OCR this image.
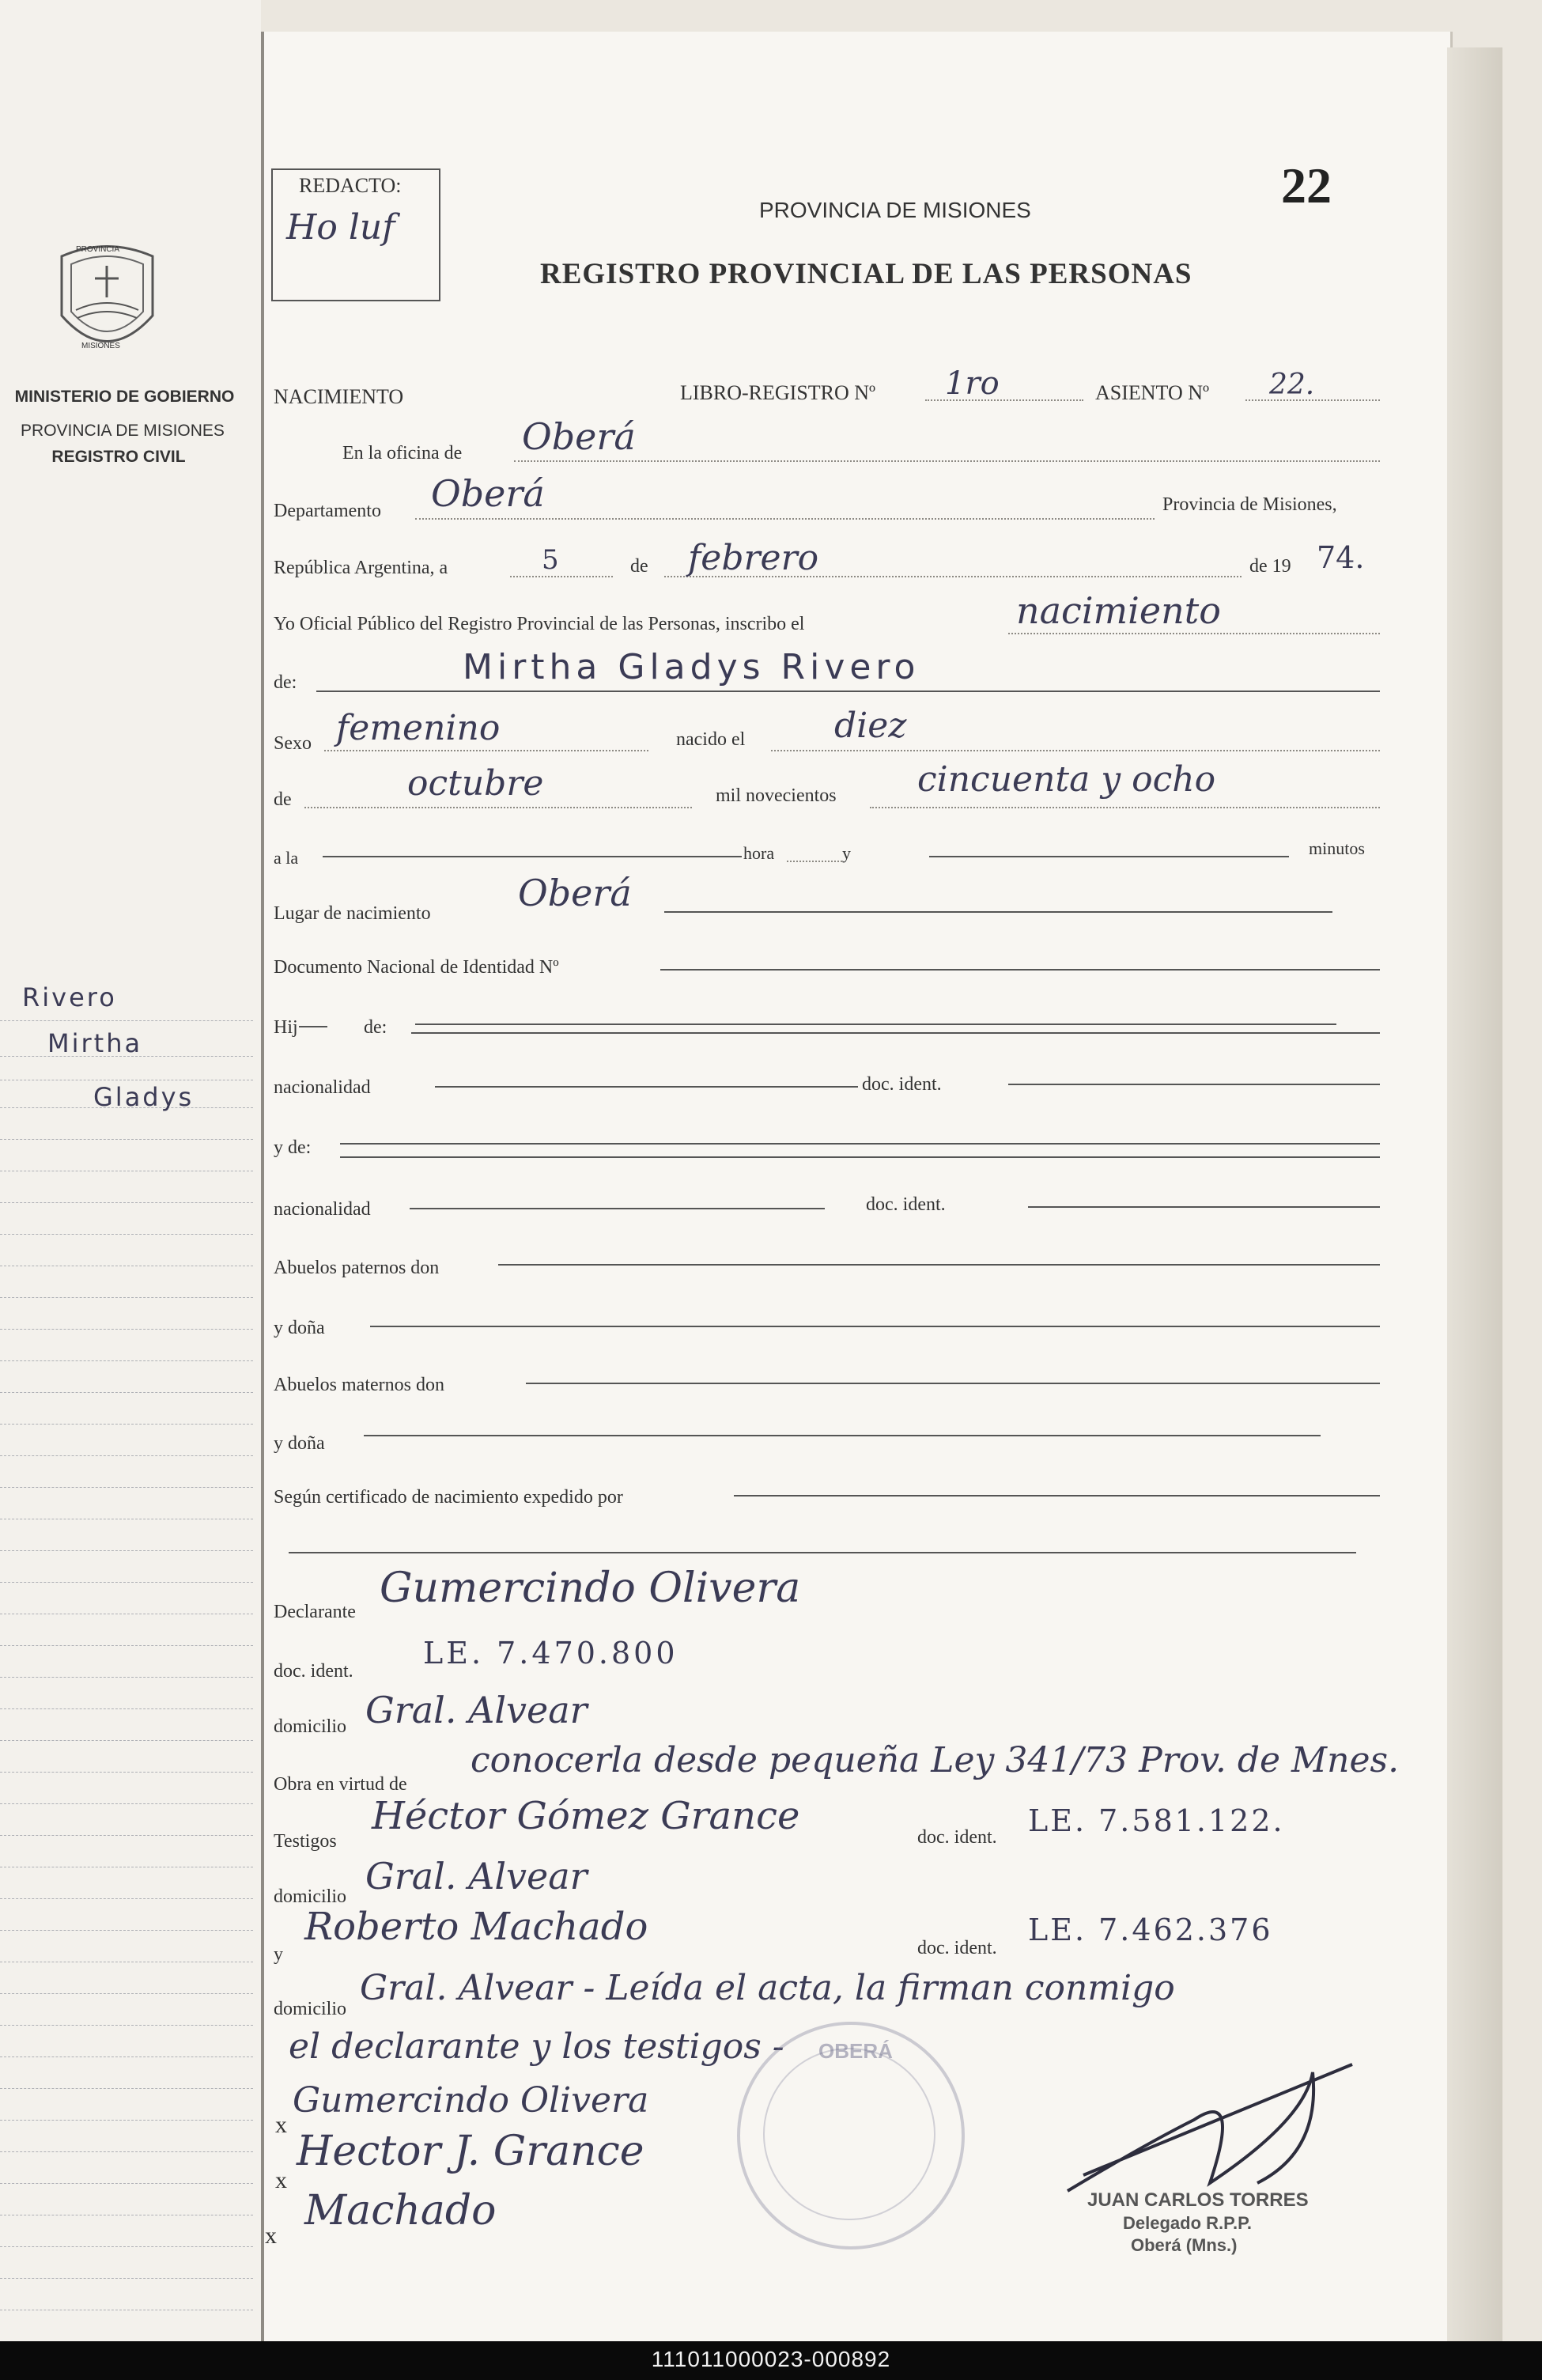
PROVINCIA
MISIONES
MINISTERIO DE GOBIERNO
PROVINCIA DE MISIONES
REGISTRO CIVIL
Rivero
Mirtha
Gladys
REDACTO:
Ho luf	PROVINCIA DE MISIONES
REGISTRO PROVINCIAL DE LAS PERSONAS
22
NACIMIENTO	LIBRO-REGISTRO Nº 1ro	ASIENTO Nº 22.
En la oficina de Oberá
Departamento Oberá	Provincia de Misiones,
República Argentina, a	5	de febrero	de 19 74.
Yo Oficial Público del Registro Provincial de las Personas, inscribo el	nacimiento
de:	Mirtha Gladys Rivero
Sexo femenino	nacido el	diez
de	octubre	mil novecientos cincuenta y ocho
a la	hora	y	minutos
Lugar de nacimiento Oberá
Documento Nacional de Identidad Nº
Hij	de:
nacionalidad	doc. ident.
y de:
nacionalidad	doc. ident.
Abuelos paternos don
y doña
Abuelos maternos don
y doña
Según certificado de nacimiento expedido por
Declarante Gumercindo Olivera
doc. ident.
LE. 7.470.800
domicilio Gral. Alvear
Obra en virtud de
conocerla desde pequeña Ley 341/73 Prov. de Mnes.
Testigos
Héctor Gómez Grance	doc. ident. LE. 7.581.122.
domicilio Gral. Alvear
y
Roberto Machado	doc. ident.
LE. 7.462.376
domicilio
Gral. Alvear - Leída el acta, la firman conmigo
el declarante y los testigos -
x
Gumercindo Olivera
x
Hector J. Grance
x
Machado
OBERÁ
JUAN CARLOS TORRES
Delegado R.P.P.
Oberá (Mns.)
111011000023-000892
